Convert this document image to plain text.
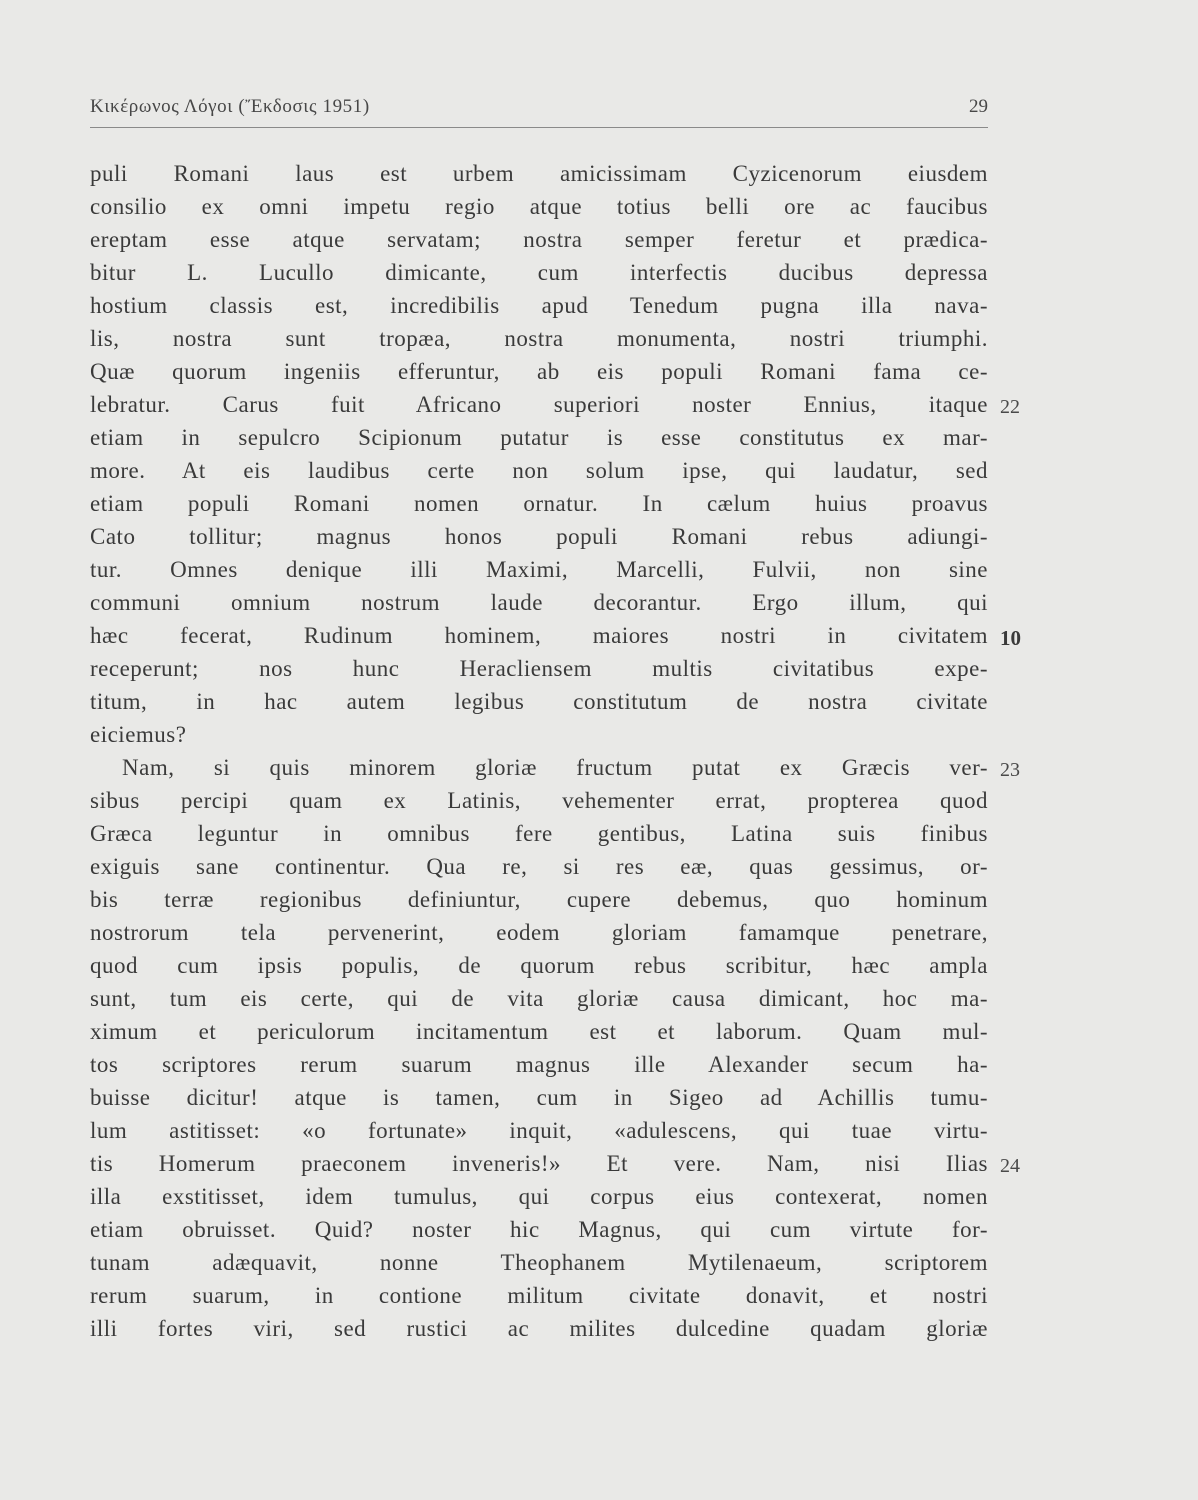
Κικέρωνος Λόγοι (Ἔκδοσις 1951)	29
puli Romani laus est urbem amicissimam Cyzicenorum eiusdem
consilio ex omni impetu regio atque totius belli ore ac faucibus
ereptam esse atque servatam; nostra semper feretur et prædica-
bitur L. Lucullo dimicante, cum interfectis ducibus depressa
hostium classis est, incredibilis apud Tenedum pugna illa nava-
lis, nostra sunt tropæa, nostra monumenta, nostri triumphi.
Quæ quorum ingeniis efferuntur, ab eis populi Romani fama ce-
lebratur. Carus fuit Africano superiori noster Ennius, itaque 22
etiam in sepulcro Scipionum putatur is esse constitutus ex mar-
more. At eis laudibus certe non solum ipse, qui laudatur, sed
etiam populi Romani nomen ornatur. In cælum huius proavus
Cato tollitur; magnus honos populi Romani rebus adiungi-
tur. Omnes denique illi Maximi, Marcelli, Fulvii, non sine
communi omnium nostrum laude decorantur. Ergo illum, qui
hæc fecerat, Rudinum hominem, maiores nostri in civitatem 10
receperunt; nos hunc Heracliensem multis civitatibus expe-
titum, in hac autem legibus constitutum de nostra civitate
eiciemus?
Nam, si quis minorem gloriæ fructum putat ex Græcis ver- 23
sibus percipi quam ex Latinis, vehementer errat, propterea quod
Græca leguntur in omnibus fere gentibus, Latina suis finibus
exiguis sane continentur. Qua re, si res eæ, quas gessimus, or-
bis terræ regionibus definiuntur, cupere debemus, quo hominum
nostrorum tela pervenerint, eodem gloriam famamque penetrare,
quod cum ipsis populis, de quorum rebus scribitur, hæc ampla
sunt, tum eis certe, qui de vita gloriæ causa dimicant, hoc ma-
ximum et periculorum incitamentum est et laborum. Quam mul-
tos scriptores rerum suarum magnus ille Alexander secum ha-
buisse dicitur! atque is tamen, cum in Sigeo ad Achillis tumu-
lum astitisset: «o fortunate» inquit, «adulescens, qui tuae virtu-
tis Homerum praeconem inveneris!» Et vere. Nam, nisi Ilias 24
illa exstitisset, idem tumulus, qui corpus eius contexerat, nomen
etiam obruisset. Quid? noster hic Magnus, qui cum virtute for-
tunam adæquavit, nonne Theophanem Mytilenaeum, scriptorem
rerum suarum, in contione militum civitate donavit, et nostri
illi fortes viri, sed rustici ac milites dulcedine quadam gloriæ
